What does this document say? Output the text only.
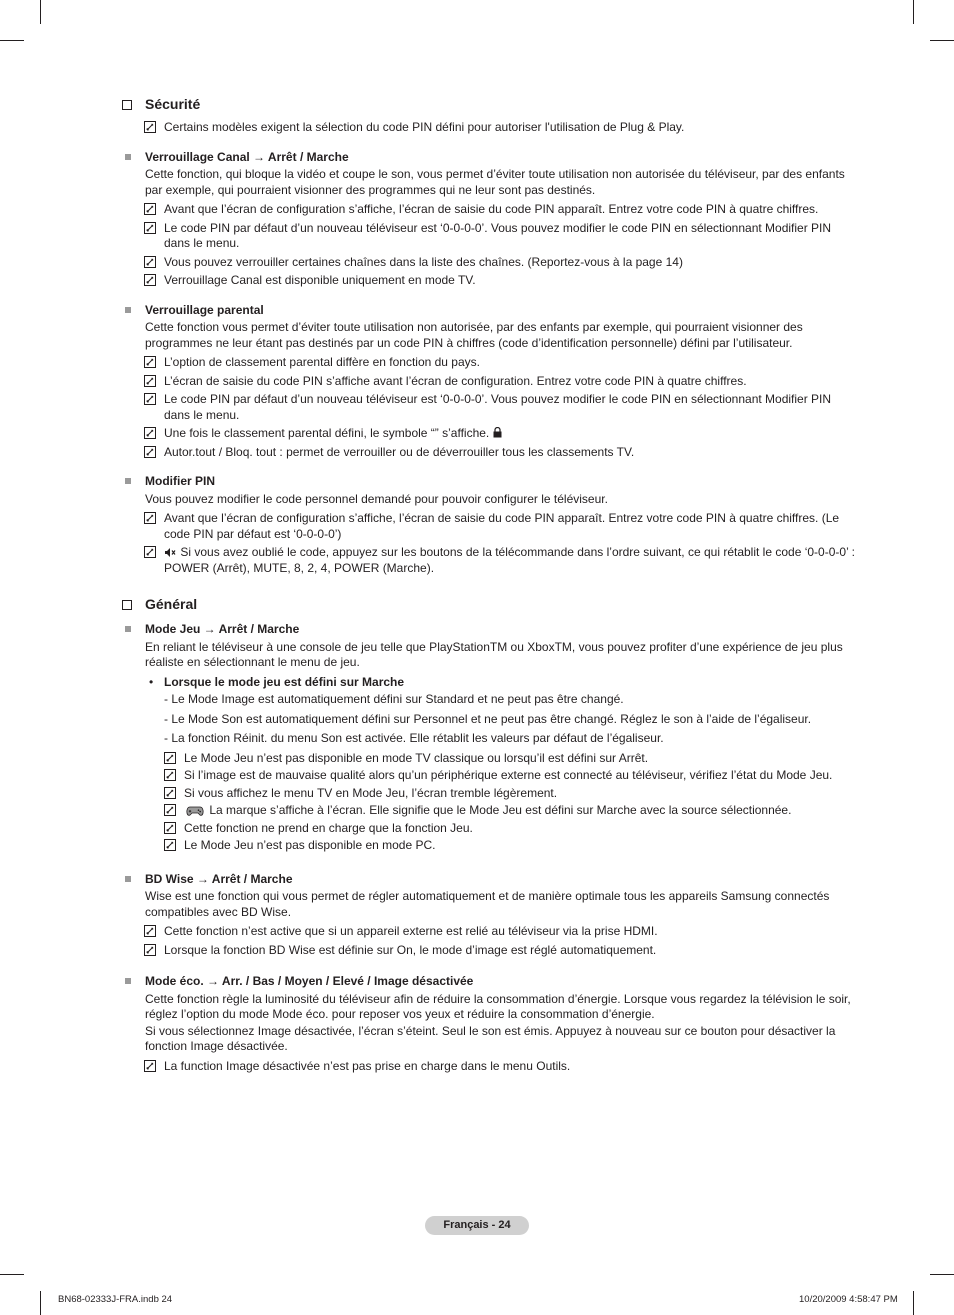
Sécurité
Certains modèles exigent la sélection du code PIN défini pour autoriser l'utilisation de Plug & Play.
Verrouillage Canal → Arrêt / Marche
Cette fonction, qui bloque la vidéo et coupe le son, vous permet d’éviter toute utilisation non autorisée du téléviseur, par des enfants par exemple, qui pourraient visionner des programmes qui ne leur sont pas destinés.
Avant que l’écran de configuration s’affiche, l’écran de saisie du code PIN apparaît. Entrez votre code PIN à quatre chiffres.
Le code PIN par défaut d’un nouveau téléviseur est ‘0-0-0-0’. Vous pouvez modifier le code PIN en sélectionnant Modifier PIN dans le menu.
Vous pouvez verrouiller certaines chaînes dans la liste des chaînes. (Reportez-vous à la page 14)
Verrouillage Canal est disponible uniquement en mode TV.
Verrouillage parental
Cette fonction vous permet d’éviter toute utilisation non autorisée, par des enfants par exemple, qui pourraient visionner des programmes ne leur étant pas destinés par un code PIN à chiffres (code d’identification personnelle) défini par l’utilisateur.
L’option de classement parental diffère en fonction du pays.
L’écran de saisie du code PIN s’affiche avant l’écran de configuration. Entrez votre code PIN à quatre chiffres.
Le code PIN par défaut d’un nouveau téléviseur est ‘0-0-0-0’. Vous pouvez modifier le code PIN en sélectionnant Modifier PIN dans le menu.
Une fois le classement parental défini, le symbole “” s’affiche.
Autor.tout / Bloq. tout : permet de verrouiller ou de déverrouiller tous les classements TV.
Modifier PIN
Vous pouvez modifier le code personnel demandé pour pouvoir configurer le téléviseur.
Avant que l’écran de configuration s’affiche, l’écran de saisie du code PIN apparaît. Entrez votre code PIN à quatre chiffres. (Le code PIN par défaut est ‘0-0-0-0’)
Si vous avez oublié le code, appuyez sur les boutons de la télécommande dans l’ordre suivant, ce qui rétablit le code ‘0-0-0-0’ : POWER (Arrêt), MUTE, 8, 2, 4, POWER (Marche).
Général
Mode Jeu → Arrêt / Marche
En reliant le téléviseur à une console de jeu telle que PlayStationTM ou XboxTM, vous pouvez profiter d’une expérience de jeu plus réaliste en sélectionnant le menu de jeu.
• Lorsque le mode jeu est défini sur Marche
- Le Mode Image est automatiquement défini sur Standard et ne peut pas être changé.
- Le Mode Son est automatiquement défini sur Personnel et ne peut pas être changé. Réglez le son à l’aide de l’égaliseur.
- La fonction Réinit. du menu Son est activée. Elle rétablit les valeurs par défaut de l’égaliseur.
Le Mode Jeu n’est pas disponible en mode TV classique ou lorsqu’il est défini sur Arrêt.
Si l’image est de mauvaise qualité alors qu’un périphérique externe est connecté au téléviseur, vérifiez l’état du Mode Jeu.
Si vous affichez le menu TV en Mode Jeu, l’écran tremble légèrement.
La marque s’affiche à l’écran. Elle signifie que le Mode Jeu est défini sur Marche avec la source sélectionnée.
Cette fonction ne prend en charge que la fonction Jeu.
Le Mode Jeu n’est pas disponible en mode PC.
BD Wise → Arrêt / Marche
Wise est une fonction qui vous permet de régler automatiquement et de manière optimale tous les appareils Samsung connectés compatibles avec BD Wise.
Cette fonction n’est active que si un appareil externe est relié au téléviseur via la prise HDMI.
Lorsque la fonction BD Wise est définie sur On, le mode d’image est réglé automatiquement.
Mode éco. → Arr. / Bas / Moyen / Elevé / Image désactivée
Cette fonction règle la luminosité du téléviseur afin de réduire la consommation d’énergie. Lorsque vous regardez la télévision le soir, réglez l’option du mode Mode éco. pour reposer vos yeux et réduire la consommation d’énergie.
Si vous sélectionnez Image désactivée, l’écran s’éteint. Seul le son est émis. Appuyez à nouveau sur ce bouton pour désactiver la fonction Image désactivée.
La function Image désactivée n’est pas prise en charge dans le menu Outils.
Français - 24
BN68-02333J-FRA.indb 24	10/20/2009 4:58:47 PM
